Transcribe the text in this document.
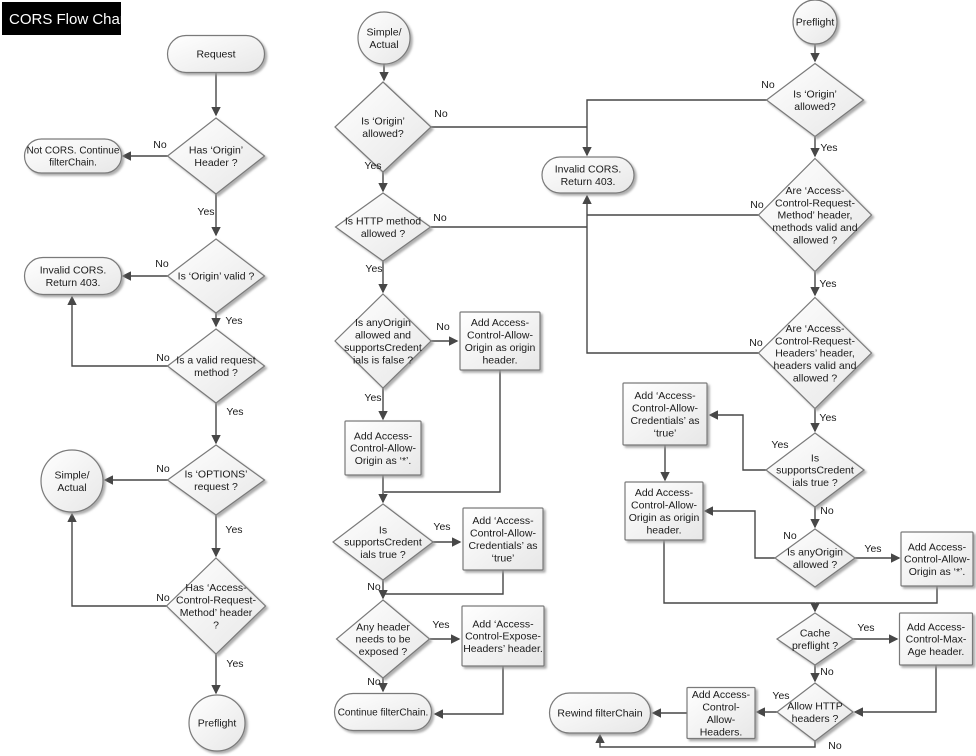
Request
Has ‘Origin’
Header ?
Not CORS. Continue
filterChain.
Is ‘Origin’ valid ?
Invalid CORS.
Return 403.
Is a valid request
method ?
Is ‘OPTIONS’
request ?
Simple/
Actual
Has ‘Access-
Control-Request-
Method’ header
?
Preflight
Simple/
Actual
Is ‘Origin’
allowed?
Invalid CORS.
Return 403.
Is HTTP method
allowed ?
Is anyOrigin
allowed and
supportsCredent
ials is false ?
Add Access-
Control-Allow-
Origin as origin
header.
Add Access-
Control-Allow-
Origin as ‘*’.
Is
supportsCredent
ials true ?
Add ‘Access-
Control-Allow-
Credentials’ as
‘true’
Any header
needs to be
exposed ?
Add ‘Access-
Control-Expose-
Headers’ header.
Continue filterChain.
Preflight
Is ‘Origin’
allowed?
Are ‘Access-
Control-Request-
Method’ header,
methods valid and
allowed ?
Are ‘Access-
Control-Request-
Headers’ header,
headers valid and
allowed ?
Is
supportsCredent
ials true ?
Add ‘Access-
Control-Allow-
Credentials’ as
‘true’
Add Access-
Control-Allow-
Origin as origin
header.
Is anyOrigin
allowed ?
Add Access-
Control-Allow-
Origin as ‘*’.
Cache
preflight ?
Add Access-
Control-Max-
Age header.
Allow HTTP
headers ?
Add Access-
Control-
Allow-
Headers.
Rewind filterChain
No
Yes
No
Yes
No
Yes
No
Yes
No
Yes
No
No
Yes
No
No
No
Yes
No
Yes
Yes
No
Yes
No
Yes
Yes
Yes
Yes
No
No
Yes
Yes
No
Yes
No
CORS Flow Chart
